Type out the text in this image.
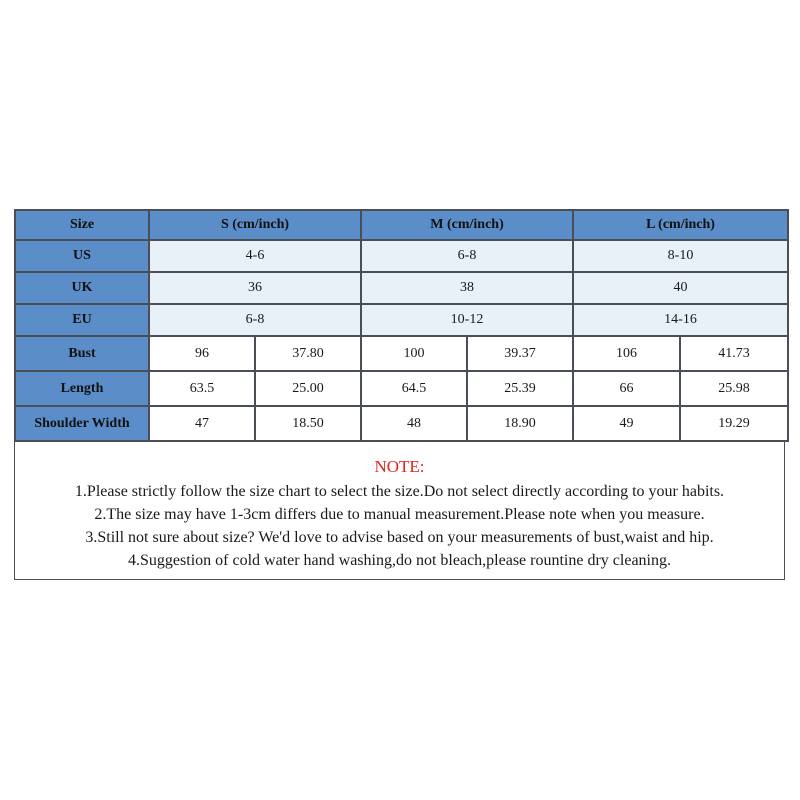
Size	S (cm/inch)		M (cm/inch)		L (cm/inch)	
US	4-6		6-8		8-10	
UK	36		38		40	
EU	6-8		10-12		14-16	
Bust	96	37.80	100	39.37	106	41.73
Length	63.5	25.00	64.5	25.39	66	25.98
Shoulder Width	47	18.50	48	18.90	49	19.29
NOTE:
1.Please strictly follow the size chart to select the size.Do not select directly according to your habits.
2.The size may have 1-3cm differs due to manual measurement.Please note when you measure.
3.Still not sure about size? We'd love to advise based on your measurements of bust,waist and hip.
4.Suggestion of cold water hand washing,do not bleach,please rountine dry cleaning.
